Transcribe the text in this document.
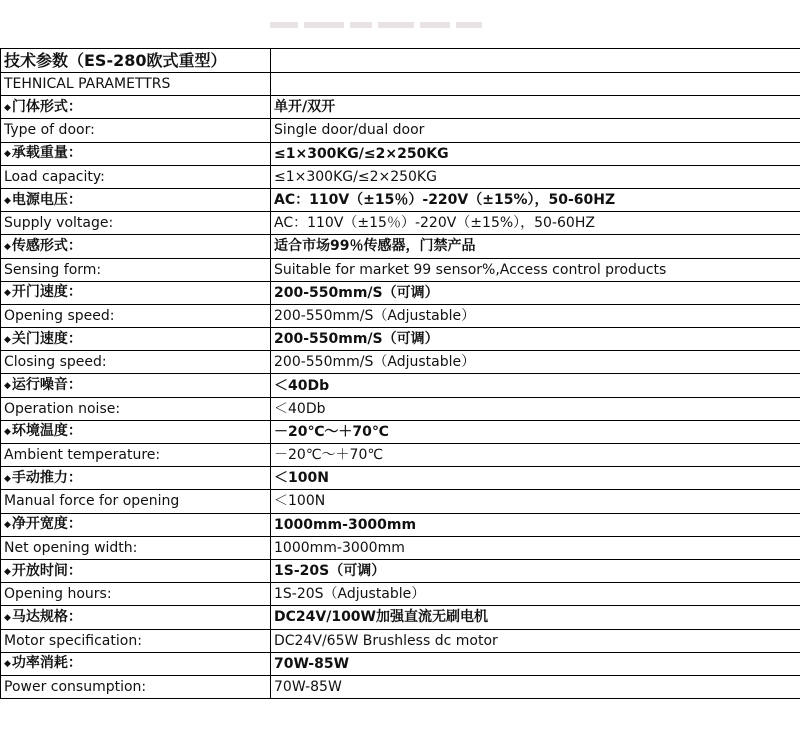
技术参数（ES-280欧式重型）	
TEHNICAL PARAMETTRS	
◆ 门体形式：	单开/双开
Type of door:	Single door/dual door
◆ 承载重量：	≤1×300KG/≤2×250KG
Load capacity:	≤1×300KG/≤2×250KG
◆ 电源电压：	AC：110V（±15％）-220V（±15%），50-60HZ
Supply voltage:	AC：110V（±15％）-220V（±15%），50-60HZ
◆ 传感形式：	适合市场99％传感器，门禁产品
Sensing form:	Suitable for market 99 sensor%,Access control products
◆ 开门速度：	200-550mm/S（可调）
Opening speed:	200-550mm/S（Adjustable）
◆ 关门速度：	200-550mm/S（可调）
Closing speed:	200-550mm/S（Adjustable）
◆ 运行噪音：	＜40Db
Operation noise:	＜40Db
◆ 环境温度：	－20℃～＋70℃
Ambient temperature:	－20℃～＋70℃
◆ 手动推力：	＜100N
Manual force for opening	＜100N
◆ 净开宽度：	1000mm-3000mm
Net opening width:	1000mm-3000mm
◆ 开放时间：	1S-20S（可调）
Opening hours:	1S-20S（Adjustable）
◆ 马达规格：	DC24V/100W加强直流无刷电机
Motor specification:	DC24V/65W Brushless dc motor
◆ 功率消耗：	70W-85W
Power consumption:	70W-85W
